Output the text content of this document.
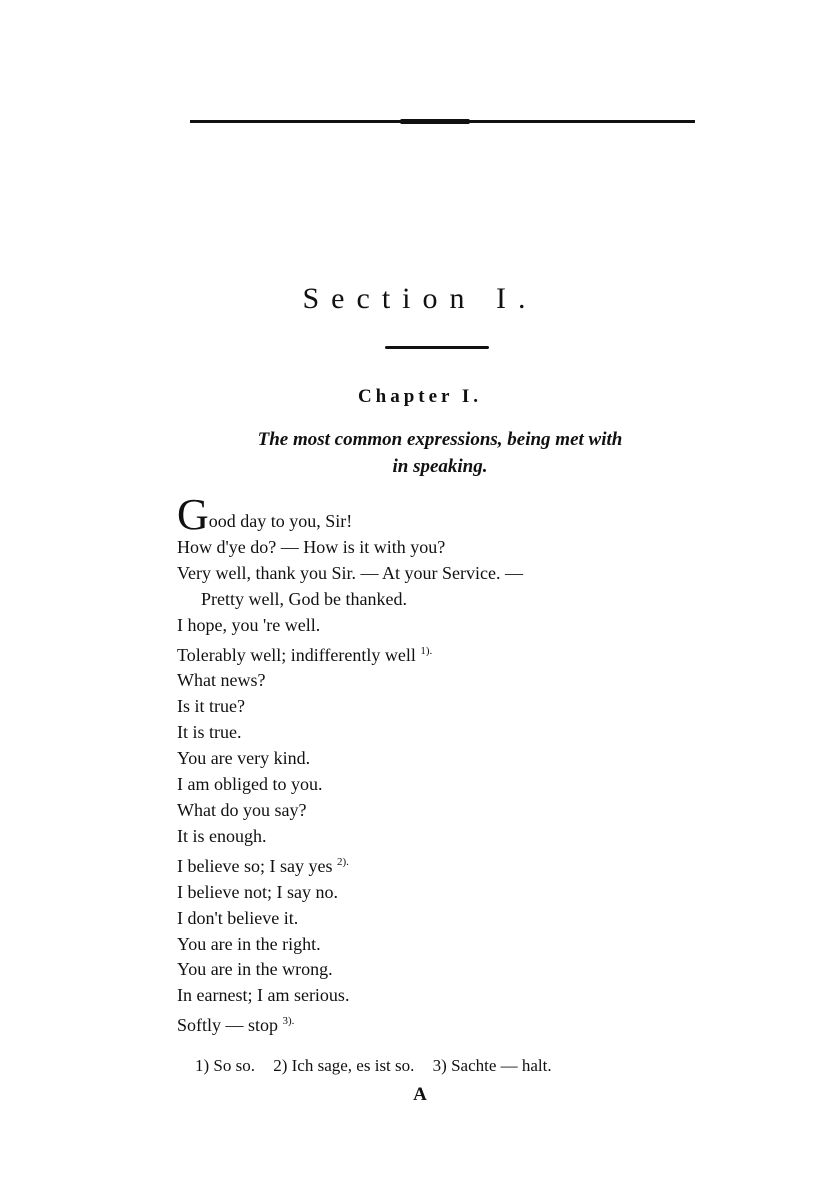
Section I.
Chapter I.
The most common expressions, being met with
in speaking.
Good day to you, Sir!
How d'ye do? — How is it with you?
Very well, thank you Sir. — At your Service. —
Pretty well, God be thanked.
I hope, you 're well.
Tolerably well; indifferently well $^{1).}$
What news?
Is it true?
It is true.
You are very kind.
I am obliged to you.
What do you say?
It is enough.
I believe so; I say yes $^{2).}$
I believe not; I say no.
I don't believe it.
You are in the right.
You are in the wrong.
In earnest; I am serious.
Softly — stop $^{3).}$
1) So so. 2) Ich sage, es ist so. 3) Sachte — halt.
A
